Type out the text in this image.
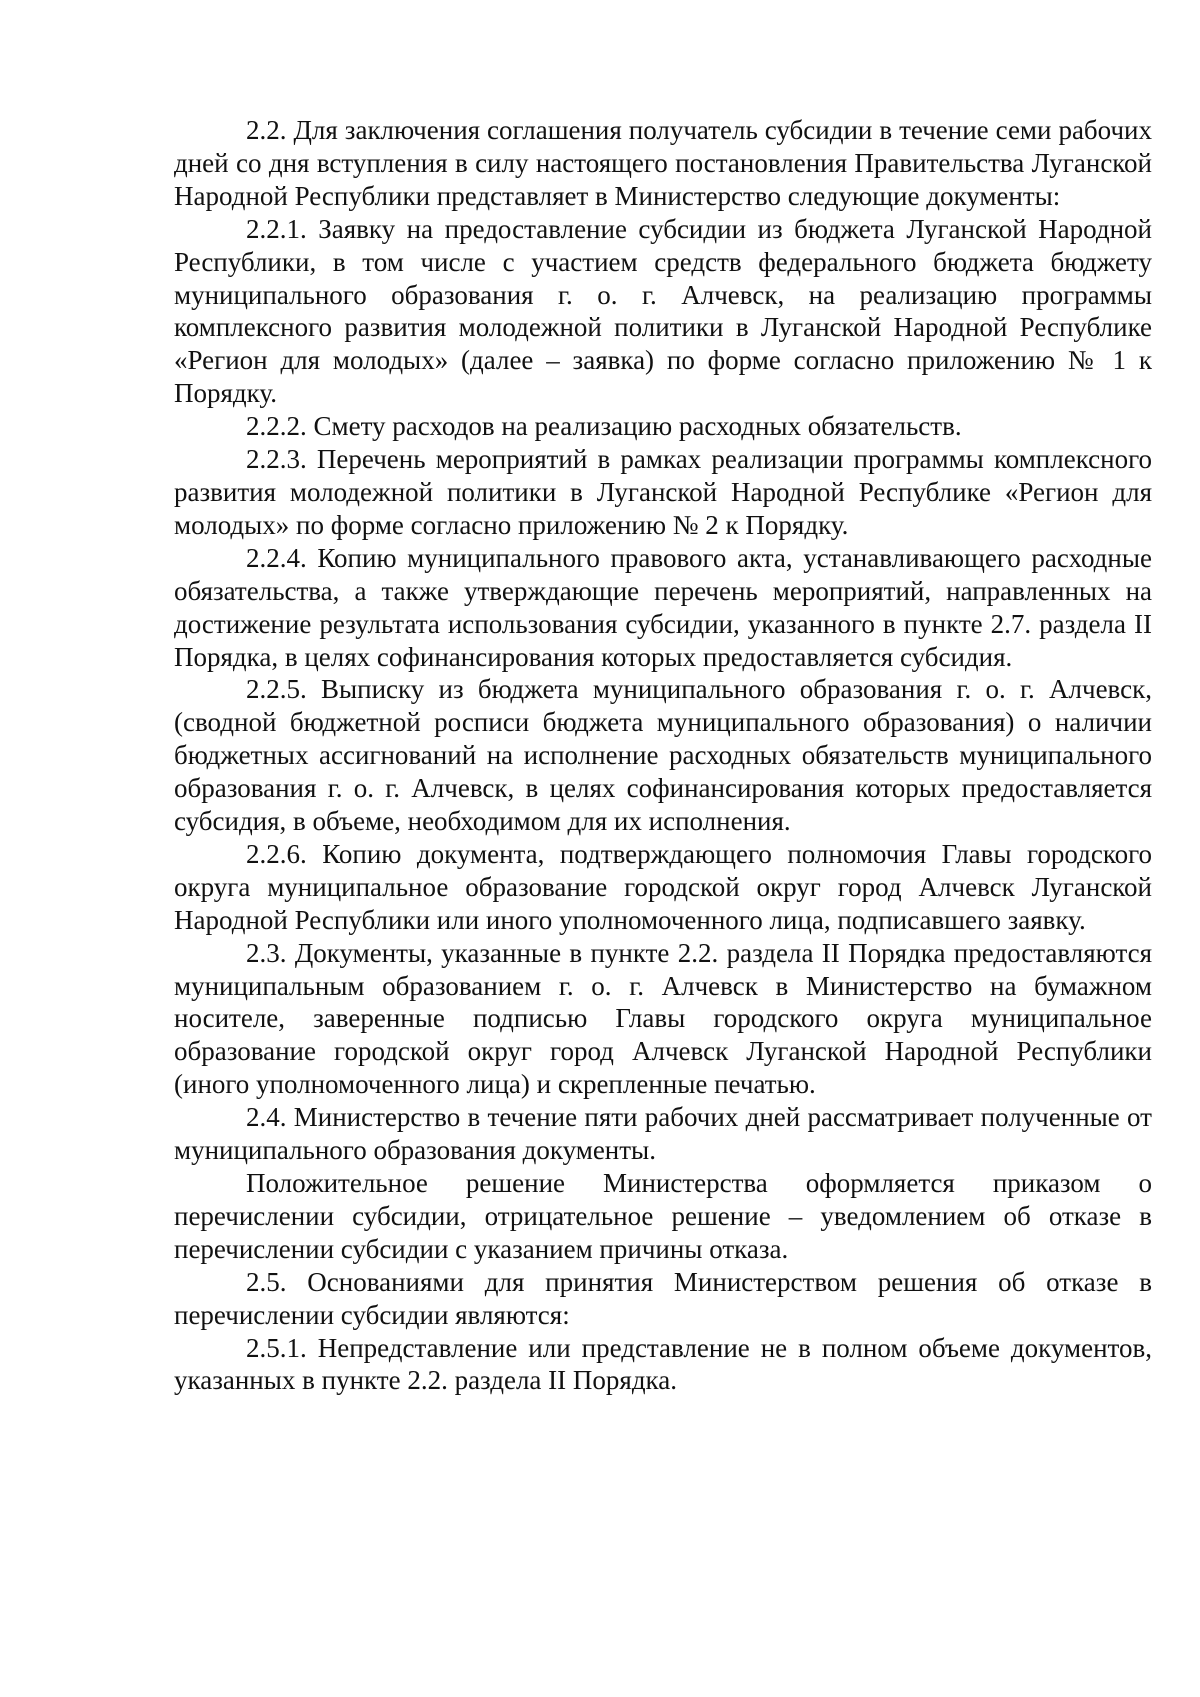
2.2. Для заключения соглашения получатель субсидии в течение семи рабочих дней со дня вступления в силу настоящего постановления Правительства Луганской Народной Республики представляет в Министерство следующие документы:

2.2.1. Заявку на предоставление субсидии из бюджета Луганской Народной Республики, в том числе с участием средств федерального бюджета бюджету муниципального образования г. о. г. Алчевск, на реализацию программы комплексного развития молодежной политики в Луганской Народной Республике «Регион для молодых» (далее – заявка) по форме согласно приложению № 1 к Порядку.

2.2.2. Смету расходов на реализацию расходных обязательств.

2.2.3. Перечень мероприятий в рамках реализации программы комплексного развития молодежной политики в Луганской Народной Республике «Регион для молодых» по форме согласно приложению № 2 к Порядку.

2.2.4. Копию муниципального правового акта, устанавливающего расходные обязательства, а также утверждающие перечень мероприятий, направленных на достижение результата использования субсидии, указанного в пункте 2.7. раздела II Порядка, в целях софинансирования которых предоставляется субсидия.

2.2.5. Выписку из бюджета муниципального образования г. о. г. Алчевск, (сводной бюджетной росписи бюджета муниципального образования) о наличии бюджетных ассигнований на исполнение расходных обязательств муниципального образования г. о. г. Алчевск, в целях софинансирования которых предоставляется субсидия, в объеме, необходимом для их исполнения.

2.2.6. Копию документа, подтверждающего полномочия Главы городского округа муниципальное образование городской округ город Алчевск Луганской Народной Республики или иного уполномоченного лица, подписавшего заявку.

2.3. Документы, указанные в пункте 2.2. раздела II Порядка предоставляются муниципальным образованием г. о. г. Алчевск в Министерство на бумажном носителе, заверенные подписью Главы городского округа муниципальное образование городской округ город Алчевск Луганской Народной Республики (иного уполномоченного лица) и скрепленные печатью.

2.4. Министерство в течение пяти рабочих дней рассматривает полученные от муниципального образования документы.

Положительное решение Министерства оформляется приказом о перечислении субсидии, отрицательное решение – уведомлением об отказе в перечислении субсидии с указанием причины отказа.

2.5. Основаниями для принятия Министерством решения об отказе в перечислении субсидии являются:

2.5.1. Непредставление или представление не в полном объеме документов, указанных в пункте 2.2. раздела II Порядка.
